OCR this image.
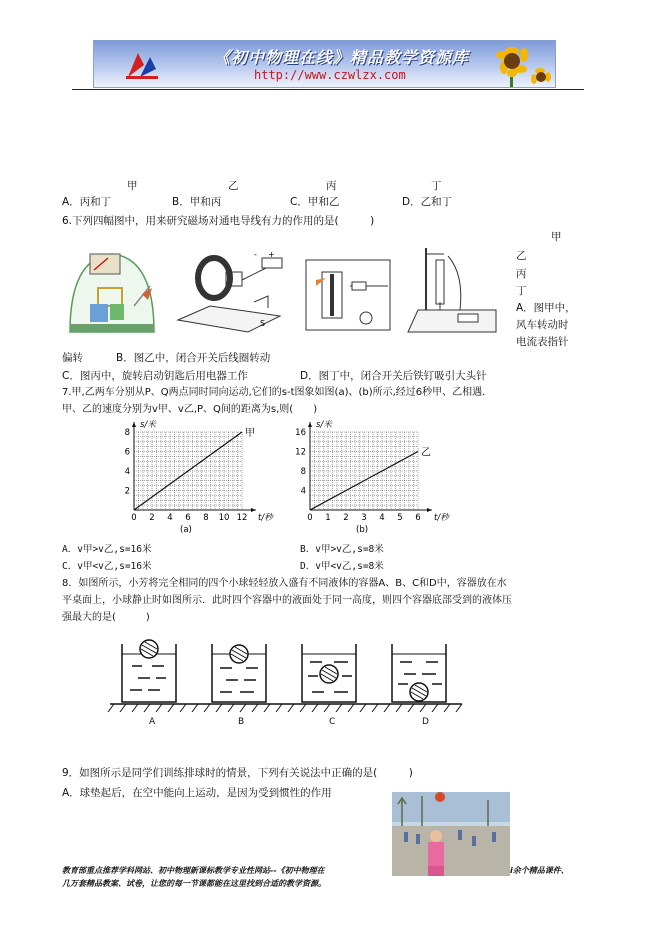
《初中物理在线》精品教学资源库
http://www.czwlzx.com
甲	乙	丙	丁
A．丙和丁	B．甲和丙	C．甲和乙	D．乙和丁
6.下列四幅图中，用来研究磁场对通电导线有力的作用的是(　　　)
甲
乙
丙
丁
A．图甲中，
风车转动时
电流表指针
+
-
S
偏转	B．图乙中，闭合开关后线圈转动
C．图丙中，旋转启动钥匙后用电器工作	D．图丁中，闭合开关后铁钉吸引大头针
7.甲,乙两车分别从P、Q两点同时同向运动,它们的s-t图象如图(a)、(b)所示,经过6秒甲、乙相遇.
甲、乙的速度分别为v甲、v乙,P、Q间的距离为s,则(　　)
0 2 4 6 8 10 12
2
4
6
8
s/米
t/秒
(a)
甲
0 1 2 3 4 5 6
4
8
12
16
s/米
t/秒
(b)
乙
A．v甲>v乙,s=16米	B．v甲>v乙,s=8米
C．v甲<v乙,s=16米	D．v甲<v乙,s=8米
8．如图所示，小芳将完全相同的四个小球轻轻放入盛有不同液体的容器A、B、C和D中，容器放在水
平桌面上，小球静止时如图所示．此时四个容器中的液面处于同一高度，则四个容器底部受到的液体压
强最大的是(　　　)
A	B	C	D
9．如图所示是同学们训练排球时的情景，下列有关说法中正确的是(　　　)
A．球垫起后，在空中能向上运动，是因为受到惯性的作用
教育部重点推荐学科网站、初中物理新课标教学专业性网站--《初中物理在	i余个精品课件、
几万套精品教案、试卷，让您的每一节课都能在这里找到合适的教学资源。
